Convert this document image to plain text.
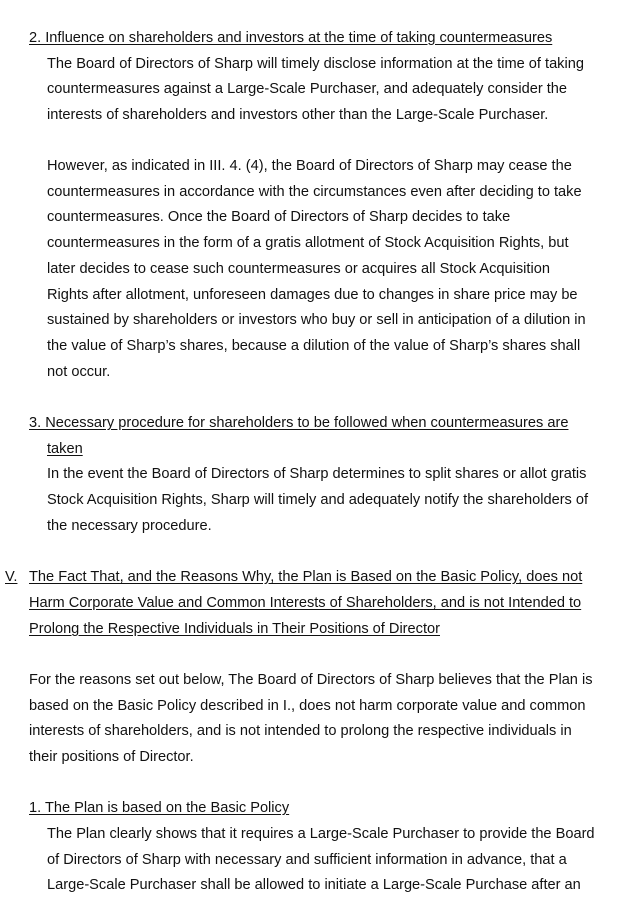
2. Influence on shareholders and investors at the time of taking countermeasures
The Board of Directors of Sharp will timely disclose information at the time of taking
countermeasures against a Large-Scale Purchaser, and adequately consider the
interests of shareholders and investors other than the Large-Scale Purchaser.
However, as indicated in III. 4. (4), the Board of Directors of Sharp may cease the
countermeasures in accordance with the circumstances even after deciding to take
countermeasures. Once the Board of Directors of Sharp decides to take
countermeasures in the form of a gratis allotment of Stock Acquisition Rights, but
later decides to cease such countermeasures or acquires all Stock Acquisition
Rights after allotment, unforeseen damages due to changes in share price may be
sustained by shareholders or investors who buy or sell in anticipation of a dilution in
the value of Sharp’s shares, because a dilution of the value of Sharp’s shares shall
not occur.
3. Necessary procedure for shareholders to be followed when countermeasures are
taken
In the event the Board of Directors of Sharp determines to split shares or allot gratis
Stock Acquisition Rights, Sharp will timely and adequately notify the shareholders of
the necessary procedure.
V. The Fact That, and the Reasons Why, the Plan is Based on the Basic Policy, does not
Harm Corporate Value and Common Interests of Shareholders, and is not Intended to
Prolong the Respective Individuals in Their Positions of Director
For the reasons set out below, The Board of Directors of Sharp believes that the Plan is
based on the Basic Policy described in I., does not harm corporate value and common
interests of shareholders, and is not intended to prolong the respective individuals in
their positions of Director.
1. The Plan is based on the Basic Policy
The Plan clearly shows that it requires a Large-Scale Purchaser to provide the Board
of Directors of Sharp with necessary and sufficient information in advance, that a
Large-Scale Purchaser shall be allowed to initiate a Large-Scale Purchase after an
